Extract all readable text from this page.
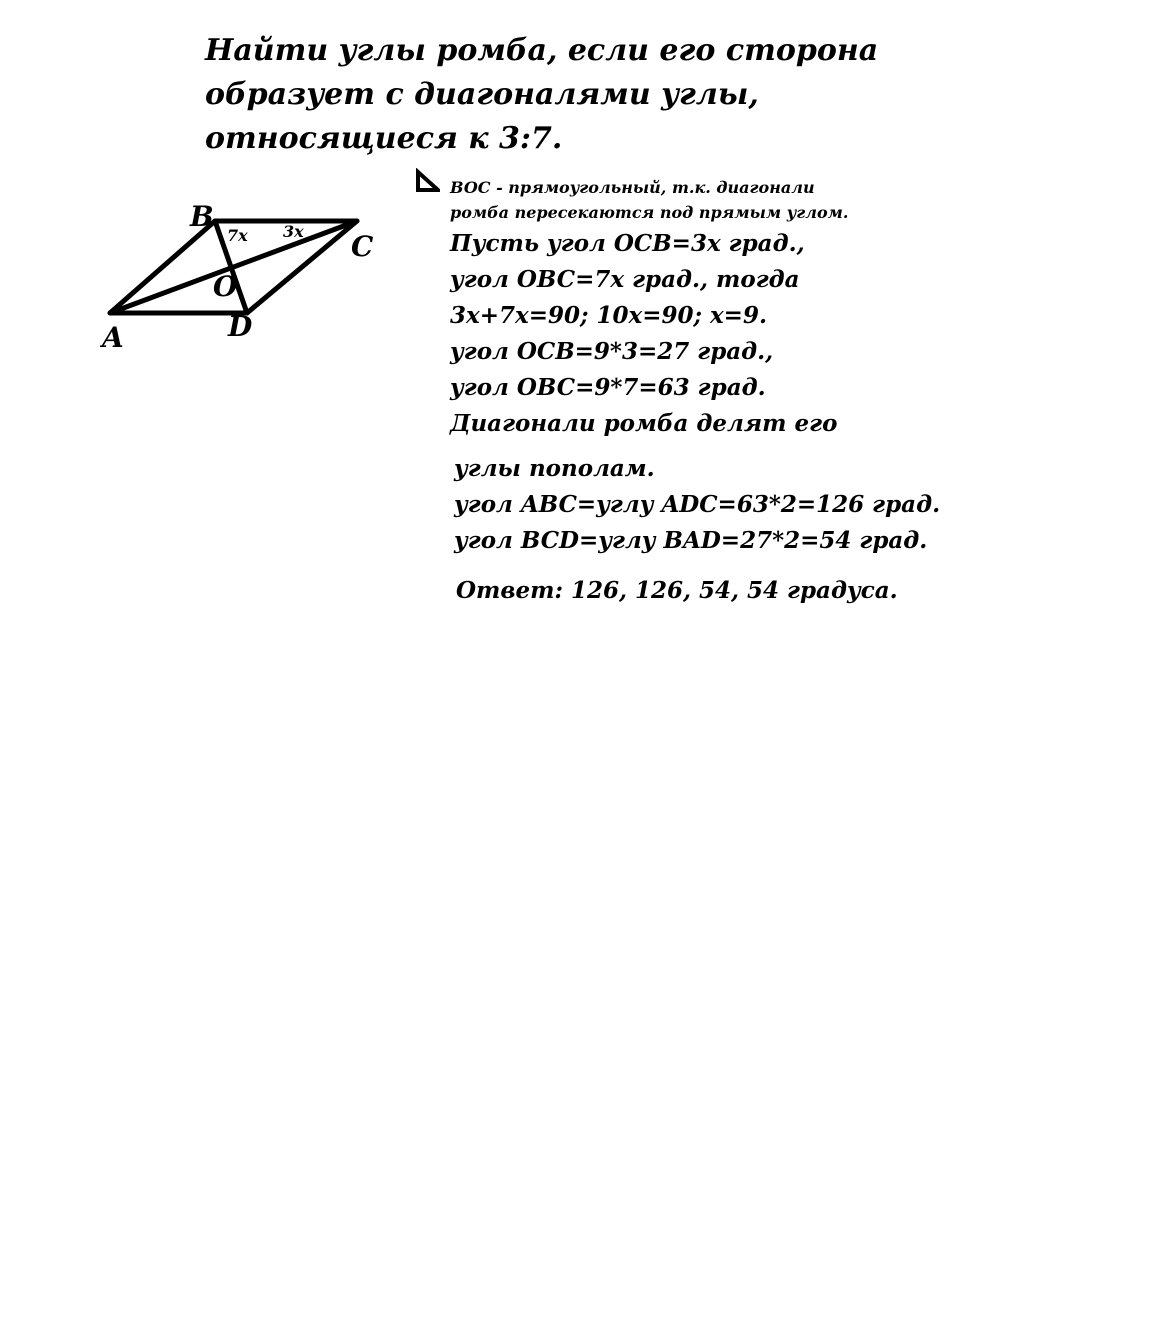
Найти углы ромба, если его сторона
образует с диагоналями углы,
относящиеся к 3:7.
A
B
C
D
O
7x 3x
BOC - прямоугольный, т.к. диагонали
ромба пересекаются под прямым углом.
Пусть угол OCB=3x град.,
угол OBC=7x град., тогда
3x+7x=90; 10x=90; x=9.
угол OCB=9*3=27 град.,
угол OBC=9*7=63 град.
Диагонали ромба делят его
углы пополам.
угол ABC=углу ADC=63*2=126 град.
угол BCD=углу BAD=27*2=54 град.
Ответ: 126, 126, 54, 54 градуса.
